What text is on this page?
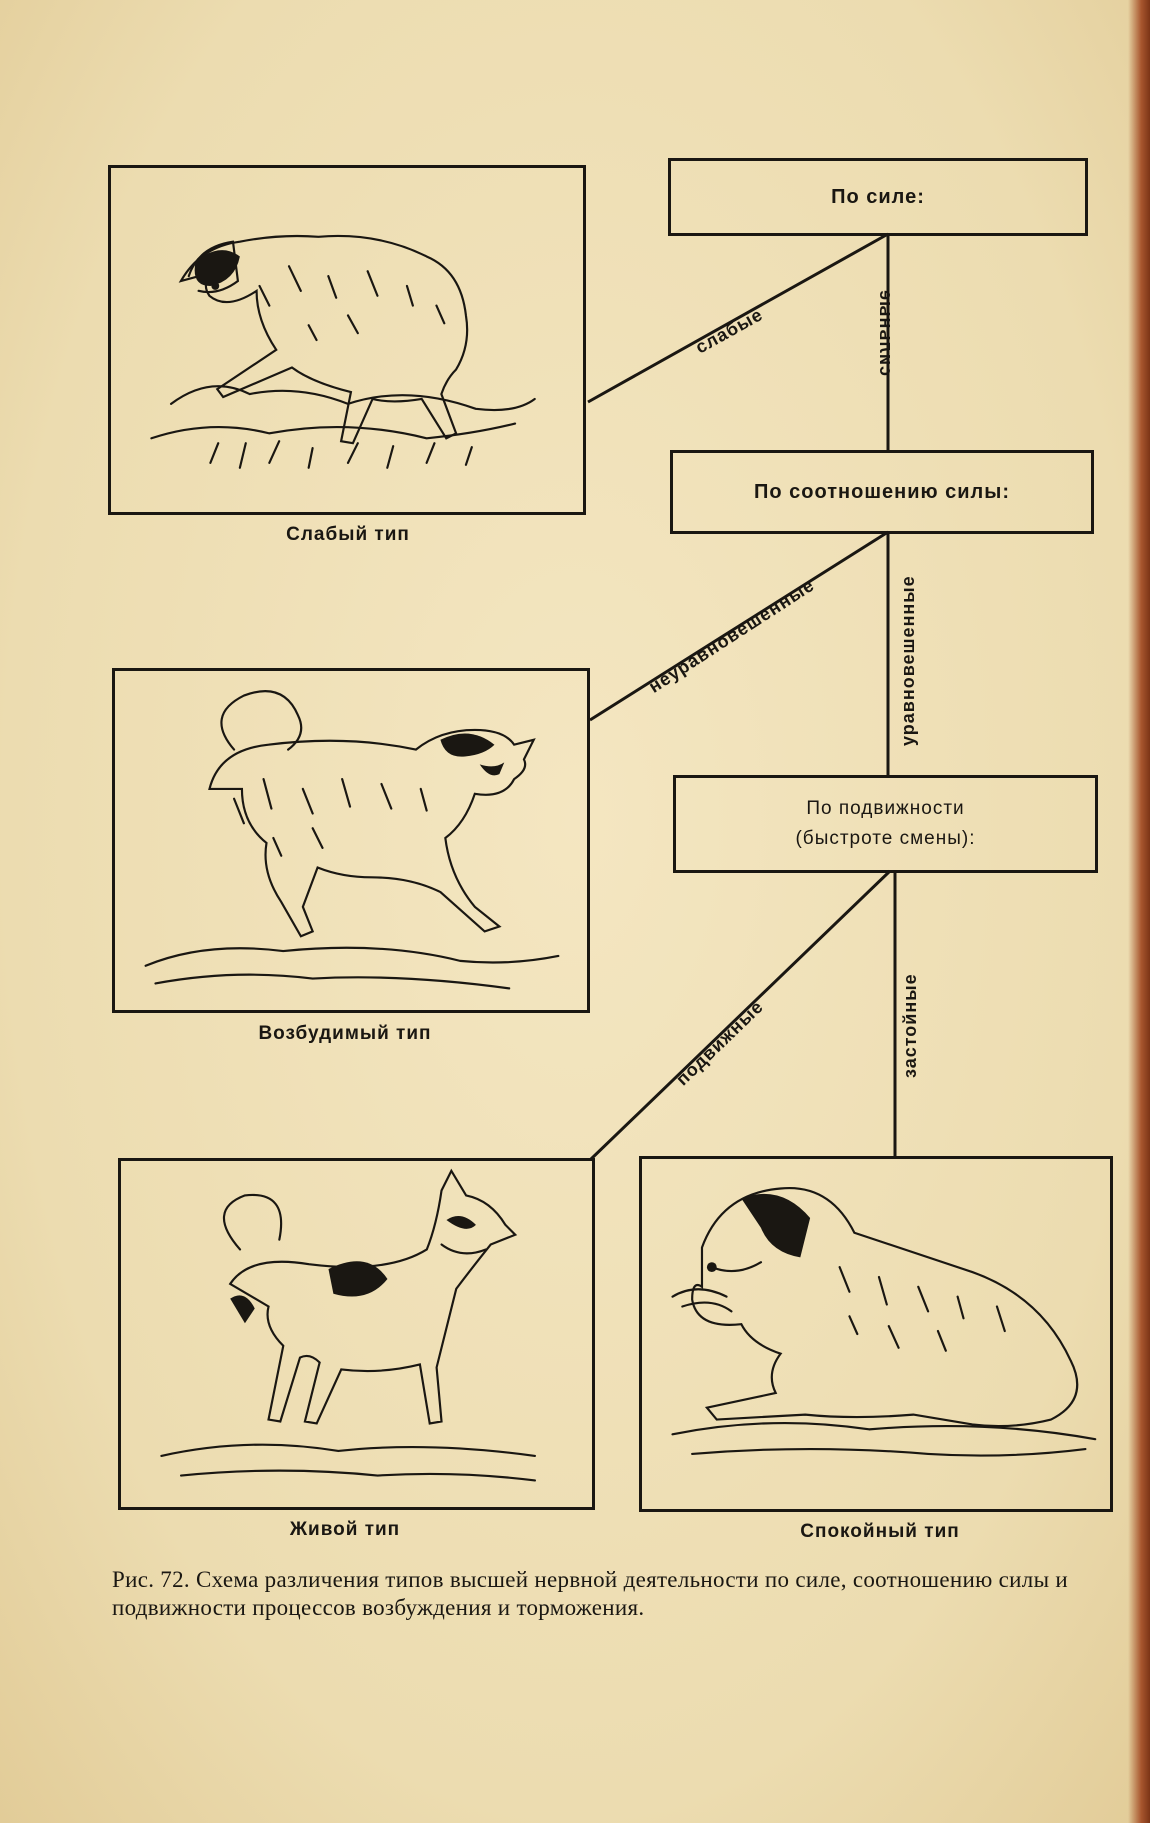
По силе:
По соотношению силы:
По подвижности
(быстроте смены):
слабые	сильные
неуравновешенные	уравновешенные
подвижные	застойные
Слабый тип
Возбудимый тип
Живой тип	Спокойный тип
Рис. 72. Схема различения типов высшей нервной деятельности по силе, соотношению силы и подвижности процессов возбуждения и торможения.
